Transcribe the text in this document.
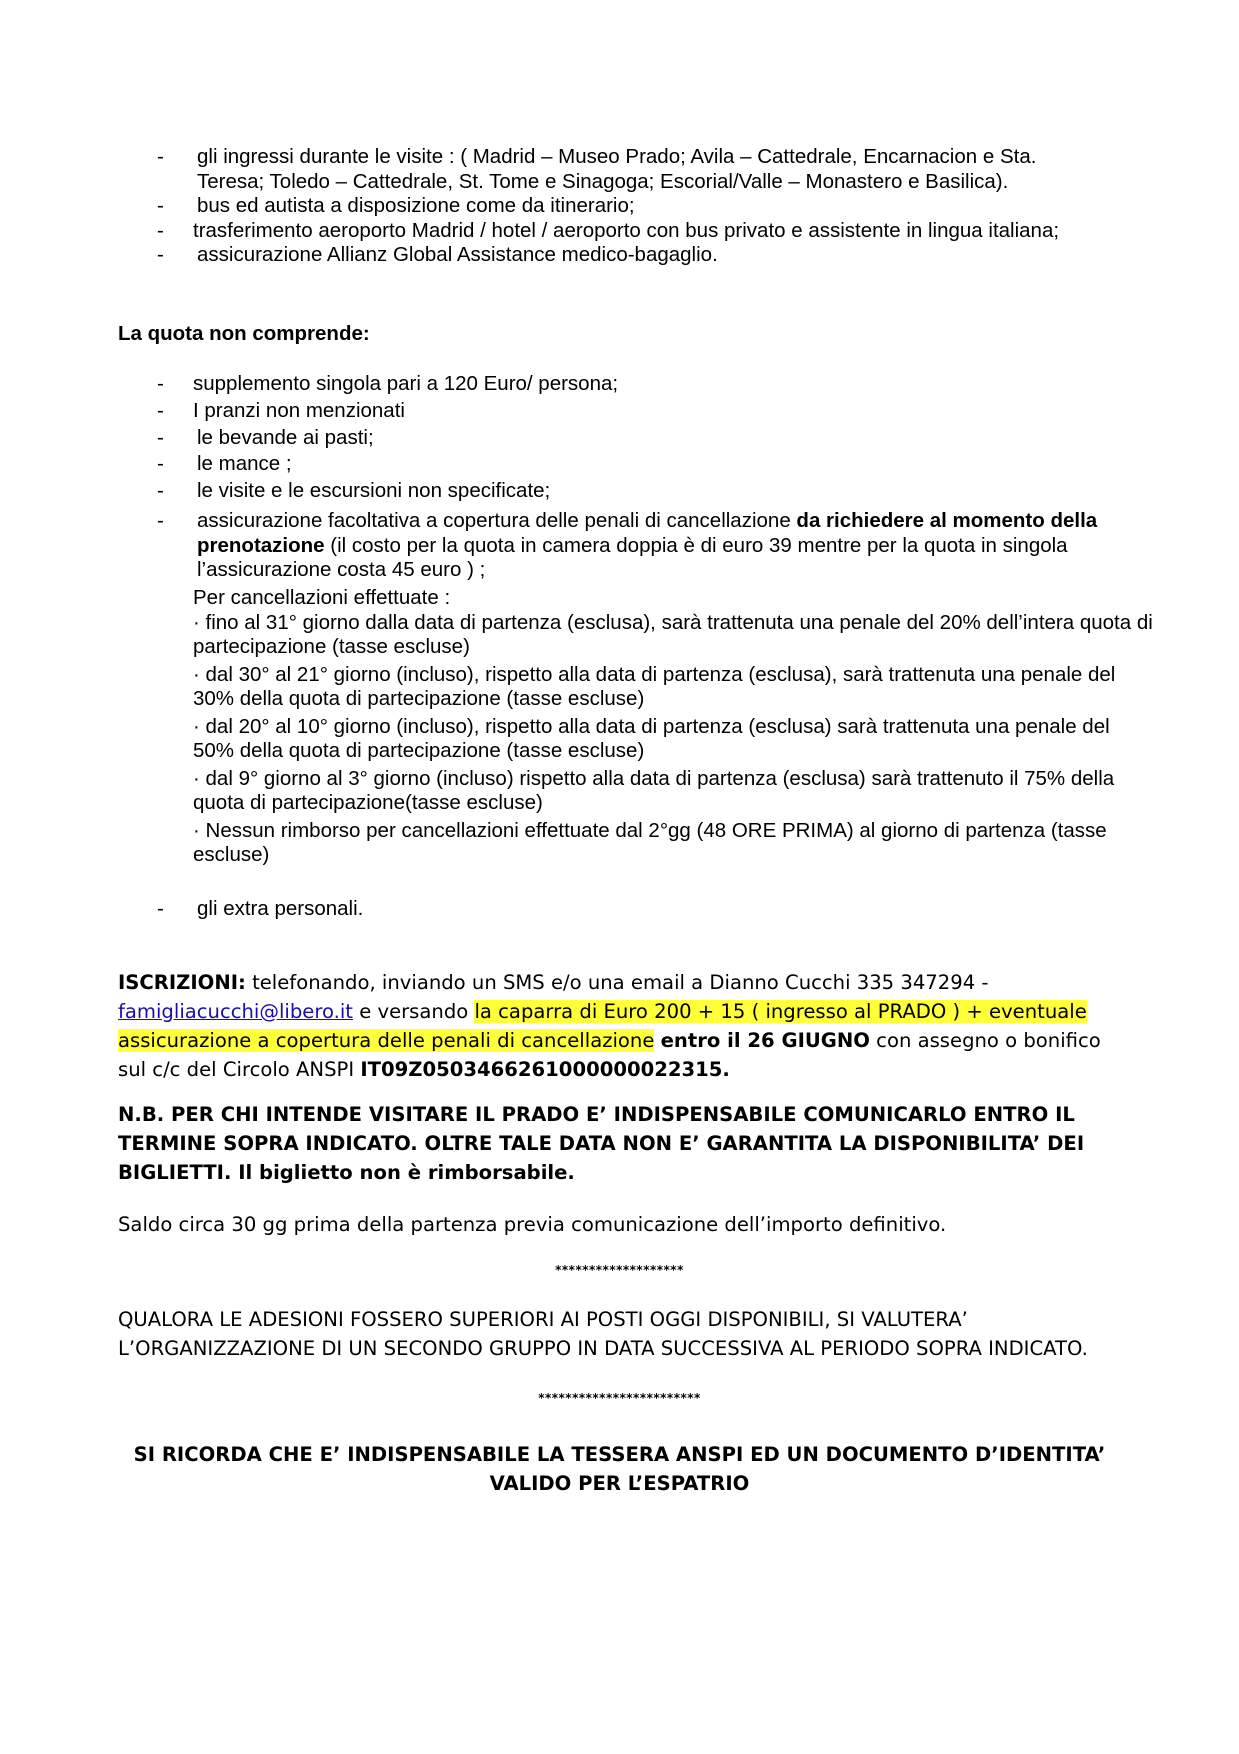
- gli ingressi durante le visite : ( Madrid – Museo Prado; Avila – Cattedrale, Encarnacion e Sta. Teresa; Toledo – Cattedrale, St. Tome e Sinagoga; Escorial/Valle – Monastero e Basilica).
- bus ed autista a disposizione come da itinerario;
- trasferimento aeroporto Madrid / hotel / aeroporto con bus privato e assistente in lingua italiana;
- assicurazione Allianz Global Assistance medico-bagaglio.
La quota non comprende:
- supplemento singola pari a 120 Euro/ persona;
- I pranzi non menzionati
- le bevande ai pasti;
- le mance ;
- le visite e le escursioni non specificate;
- assicurazione facoltativa a copertura delle penali di cancellazione da richiedere al momento della prenotazione (il costo per la quota in camera doppia è di euro 39 mentre per la quota in singola l’assicurazione costa 45 euro ) ;

Per cancellazioni effettuate :

· fino al 31° giorno dalla data di partenza (esclusa), sarà trattenuta una penale del 20% dell’intera quota di partecipazione (tasse escluse)

· dal 30° al 21° giorno (incluso), rispetto alla data di partenza (esclusa), sarà trattenuta una penale del 30% della quota di partecipazione (tasse escluse)

· dal 20° al 10° giorno (incluso), rispetto alla data di partenza (esclusa) sarà trattenuta una penale del 50% della quota di partecipazione (tasse escluse)

· dal 9° giorno al 3° giorno (incluso) rispetto alla data di partenza (esclusa) sarà trattenuto il 75% della quota di partecipazione(tasse escluse)

· Nessun rimborso per cancellazioni effettuate dal 2°gg (48 ORE PRIMA) al giorno di partenza (tasse escluse)

- gli extra personali.

ISCRIZIONI: telefonando, inviando un SMS e/o una email a Dianno Cucchi 335 347294 - famigliacucchi@libero.it e versando la caparra di Euro 200 + 15 ( ingresso al PRADO ) + eventuale assicurazione a copertura delle penali di cancellazione entro il 26 GIUGNO con assegno o bonifico sul c/c del Circolo ANSPI IT09Z0503466261000000022315.

N.B. PER CHI INTENDE VISITARE IL PRADO E’ INDISPENSABILE COMUNICARLO ENTRO IL TERMINE SOPRA INDICATO. OLTRE TALE DATA NON E’ GARANTITA LA DISPONIBILITA’ DEI BIGLIETTI. Il biglietto non è rimborsabile.

Saldo circa 30 gg prima della partenza previa comunicazione dell’importo definitivo.
*******************
QUALORA LE ADESIONI FOSSERO SUPERIORI AI POSTI OGGI DISPONIBILI, SI VALUTERA’ L’ORGANIZZAZIONE DI UN SECONDO GRUPPO IN DATA SUCCESSIVA AL PERIODO SOPRA INDICATO.
************************
SI RICORDA CHE E’ INDISPENSABILE LA TESSERA ANSPI ED UN DOCUMENTO D’IDENTITA’
VALIDO PER L’ESPATRIO
